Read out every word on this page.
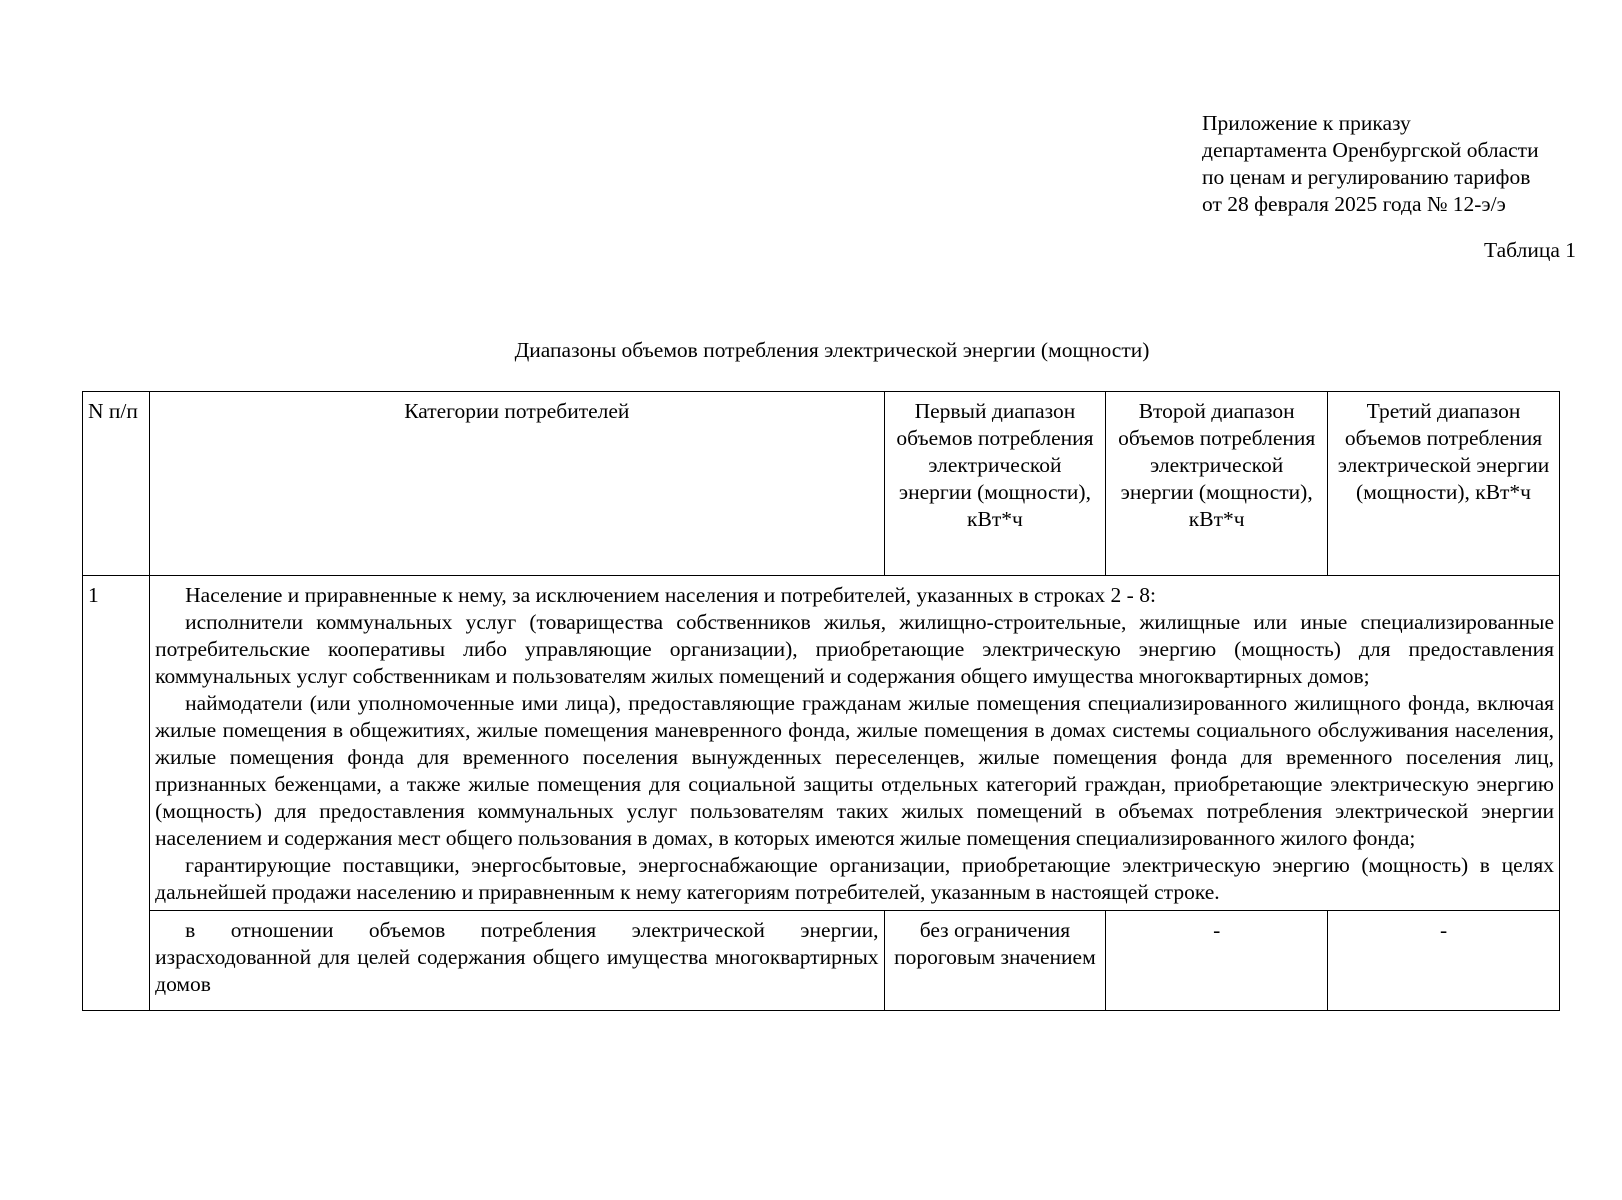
Приложение к приказу
департамента Оренбургской области
по ценам и регулированию тарифов
от 28 февраля 2025 года № 12-э/э
Таблица 1
Диапазоны объемов потребления электрической энергии (мощности)
N п/п	Категории потребителей	Первый диапазон объемов потребления электрической энергии (мощности), кВт*ч	Второй диапазон объемов потребления электрической энергии (мощности), кВт*ч	Третий диапазон объемов потребления электрической энергии (мощности), кВт*ч
1	Население и приравненные к нему, за исключением населения и потребителей, указанных в строках 2 - 8:

исполнители коммунальных услуг (товарищества собственников жилья, жилищно-строительные, жилищные или иные специализированные потребительские кооперативы либо управляющие организации), приобретающие электрическую энергию (мощность) для предоставления коммунальных услуг собственникам и пользователям жилых помещений и содержания общего имущества многоквартирных домов;

наймодатели (или уполномоченные ими лица), предоставляющие гражданам жилые помещения специализированного жилищного фонда, включая жилые помещения в общежитиях, жилые помещения маневренного фонда, жилые помещения в домах системы социального обслуживания населения, жилые помещения фонда для временного поселения вынужденных переселенцев, жилые помещения фонда для временного поселения лиц, признанных беженцами, а также жилые помещения для социальной защиты отдельных категорий граждан, приобретающие электрическую энергию (мощность) для предоставления коммунальных услуг пользователям таких жилых помещений в объемах потребления электрической энергии населением и содержания мест общего пользования в домах, в которых имеются жилые помещения специализированного жилого фонда;

гарантирующие поставщики, энергосбытовые, энергоснабжающие организации, приобретающие электрическую энергию (мощность) в целях дальнейшей продажи населению и приравненным к нему категориям потребителей, указанным в настоящей строке.			

	в отношении объемов потребления электрической энергии, израсходованной для целей содержания общего имущества многоквартирных домов	без ограничения пороговым значением	-	-
